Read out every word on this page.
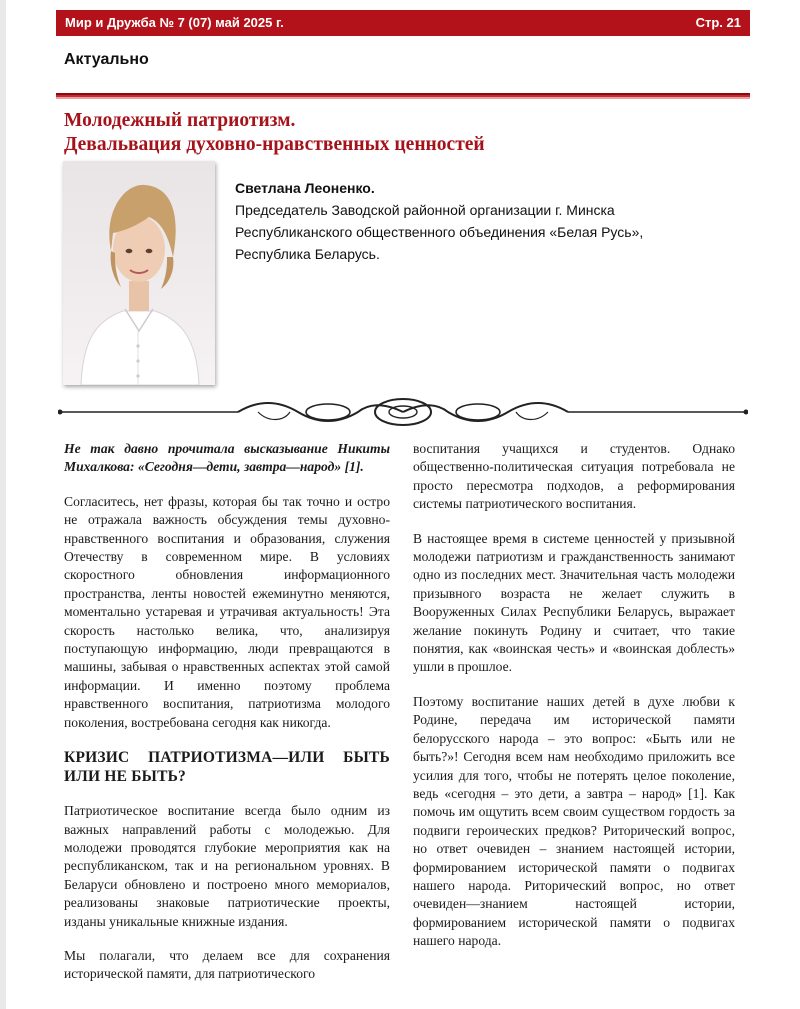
Мир и Дружба № 7 (07) май 2025 г.	Стр. 21
Актуально
Молодежный патриотизм.
Девальвация духовно-нравственных ценностей
Светлана Леоненко.
Председатель Заводской районной организации г. Минска
Республиканского общественного объединения «Белая Русь»,
Республика Беларусь.

Не так давно прочитала высказывание Никиты Михалкова: «Сегодня—дети, завтра—народ» [1].

Согласитесь, нет фразы, которая бы так точно и остро не отражала важность обсуждения темы духовно-нравственного воспитания и образования, служения Отечеству в современном мире. В условиях скоростного обновления информационного пространства, ленты новостей ежеминутно меняются, моментально устаревая и утрачивая актуальность! Эта скорость настолько велика, что, анализируя поступающую информацию, люди превращаются в машины, забывая о нравственных аспектах этой самой информации. И именно поэтому проблема нравственного воспитания, патриотизма молодого поколения, востребована сегодня как никогда.

КРИЗИС ПАТРИОТИЗМА—ИЛИ БЫТЬ ИЛИ НЕ БЫТЬ?

Патриотическое воспитание всегда было одним из важных направлений работы с молодежью. Для молодежи проводятся глубокие мероприятия как на республиканском, так и на региональном уровнях. В Беларуси обновлено и построено много мемориалов, реализованы знаковые патриотические проекты, изданы уникальные книжные издания.

Мы полагали, что делаем все для сохранения исторической памяти, для патриотического

воспитания учащихся и студентов. Однако общественно-политическая ситуация потребовала не просто пересмотра подходов, а реформирования системы патриотического воспитания.

В настоящее время в системе ценностей у призывной молодежи патриотизм и гражданственность занимают одно из последних мест. Значительная часть молодежи призывного возраста не желает служить в Вооруженных Силах Республики Беларусь, выражает желание покинуть Родину и считает, что такие понятия, как «воинская честь» и «воинская доблесть» ушли в прошлое.

Поэтому воспитание наших детей в духе любви к Родине, передача им исторической памяти белорусского народа – это вопрос: «Быть или не быть?»! Сегодня всем нам необходимо приложить все усилия для того, чтобы не потерять целое поколение, ведь «сегодня – это дети, а завтра – народ» [1]. Как помочь им ощутить всем своим существом гордость за подвиги героических предков? Риторический вопрос, но ответ очевиден – знанием настоящей истории, формированием исторической памяти о подвигах нашего народа. Риторический вопрос, но ответ очевиден—знанием настоящей истории, формированием исторической памяти о подвигах нашего народа.
